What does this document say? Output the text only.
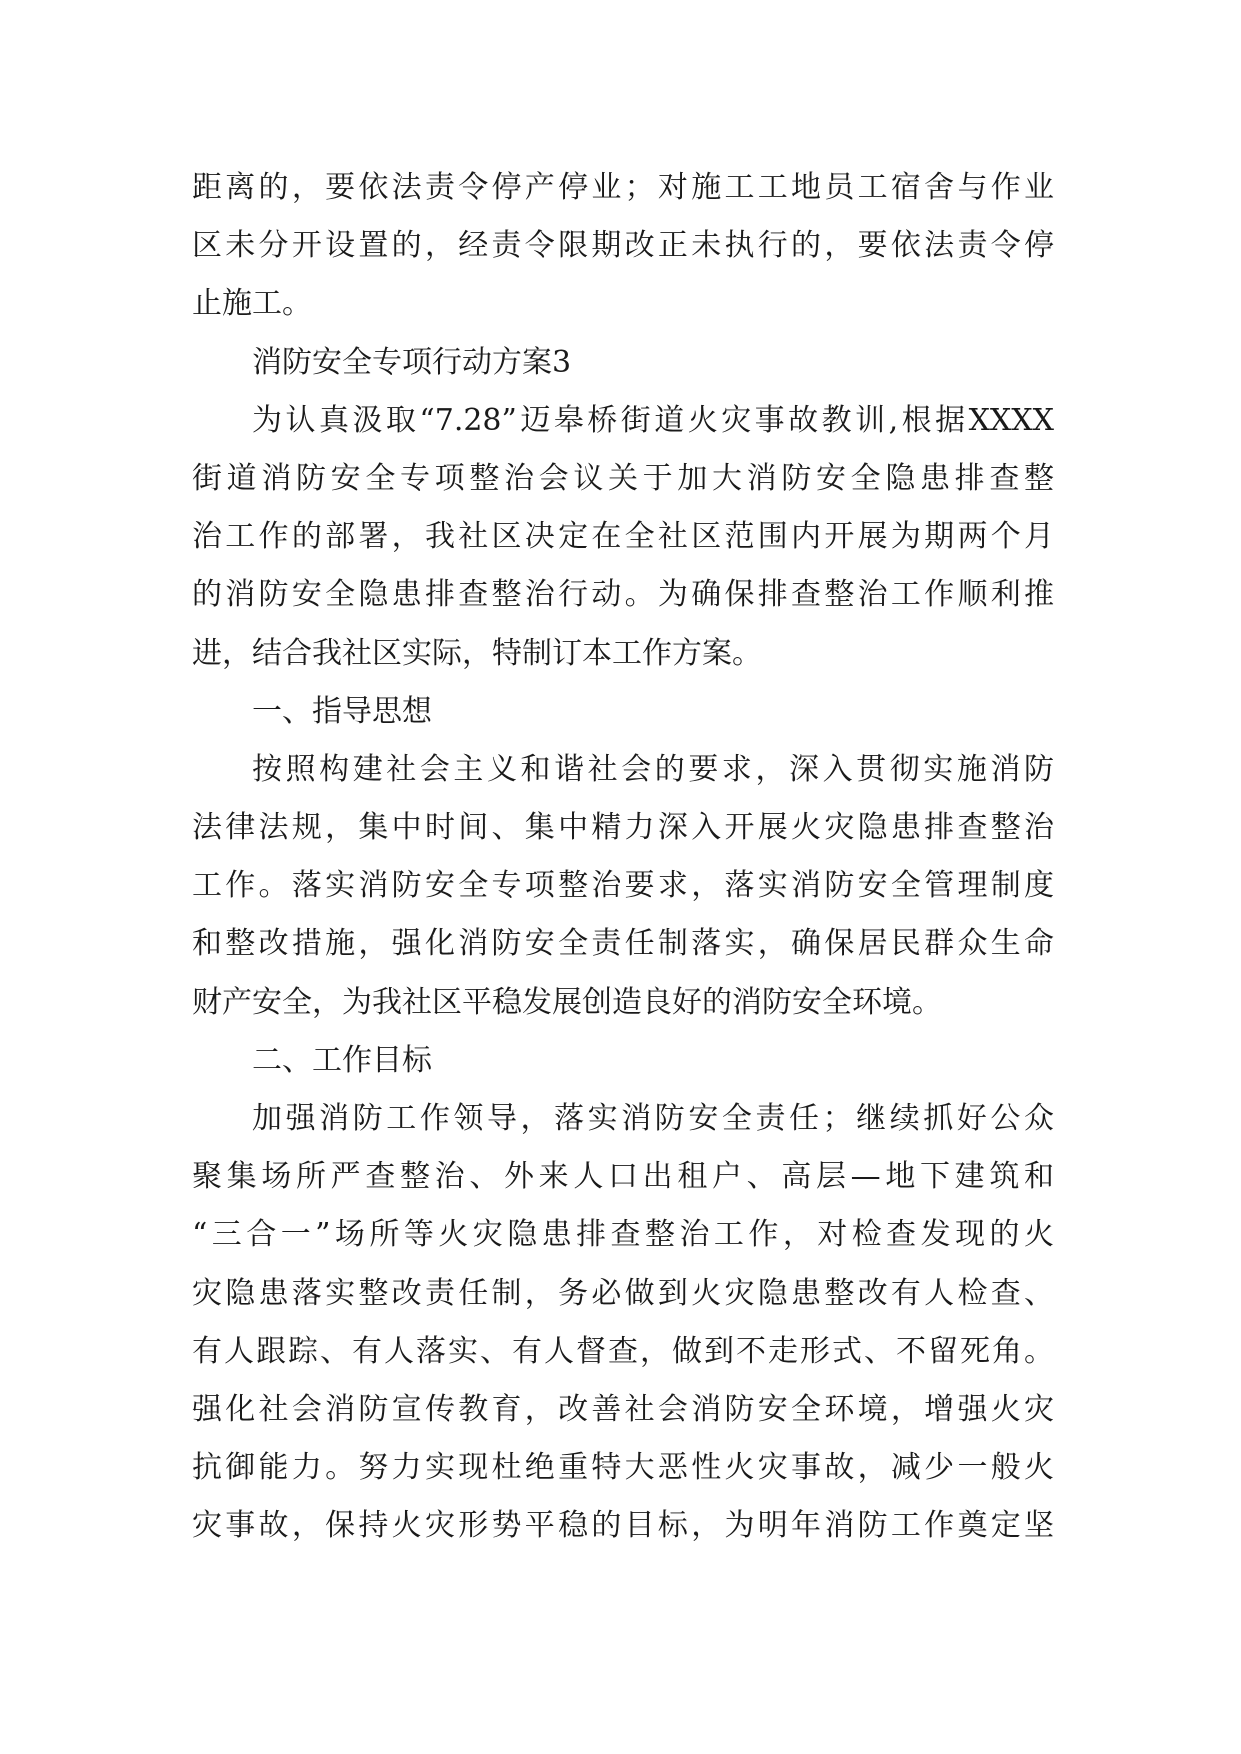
距离的，要依法责令停产停业；对施工工地员工宿舍与作业
区未分开设置的，经责令限期改正未执行的，要依法责令停
止施工。
消防安全专项行动方案3
为认真汲取“7.28”迈皋桥街道火灾事故教训,根据XXXX
街道消防安全专项整治会议关于加大消防安全隐患排查整
治工作的部署，我社区决定在全社区范围内开展为期两个月
的消防安全隐患排查整治行动。为确保排查整治工作顺利推
进，结合我社区实际，特制订本工作方案。
一、指导思想
按照构建社会主义和谐社会的要求，深入贯彻实施消防
法律法规，集中时间、集中精力深入开展火灾隐患排查整治
工作。落实消防安全专项整治要求，落实消防安全管理制度
和整改措施，强化消防安全责任制落实，确保居民群众生命
财产安全，为我社区平稳发展创造良好的消防安全环境。
二、工作目标
加强消防工作领导，落实消防安全责任；继续抓好公众
聚集场所严查整治、外来人口出租户、高层—地下建筑和
“三合一”场所等火灾隐患排查整治工作，对检查发现的火
灾隐患落实整改责任制，务必做到火灾隐患整改有人检查、
有人跟踪、有人落实、有人督查，做到不走形式、不留死角。
强化社会消防宣传教育，改善社会消防安全环境，增强火灾
抗御能力。努力实现杜绝重特大恶性火灾事故，减少一般火
灾事故，保持火灾形势平稳的目标，为明年消防工作奠定坚
